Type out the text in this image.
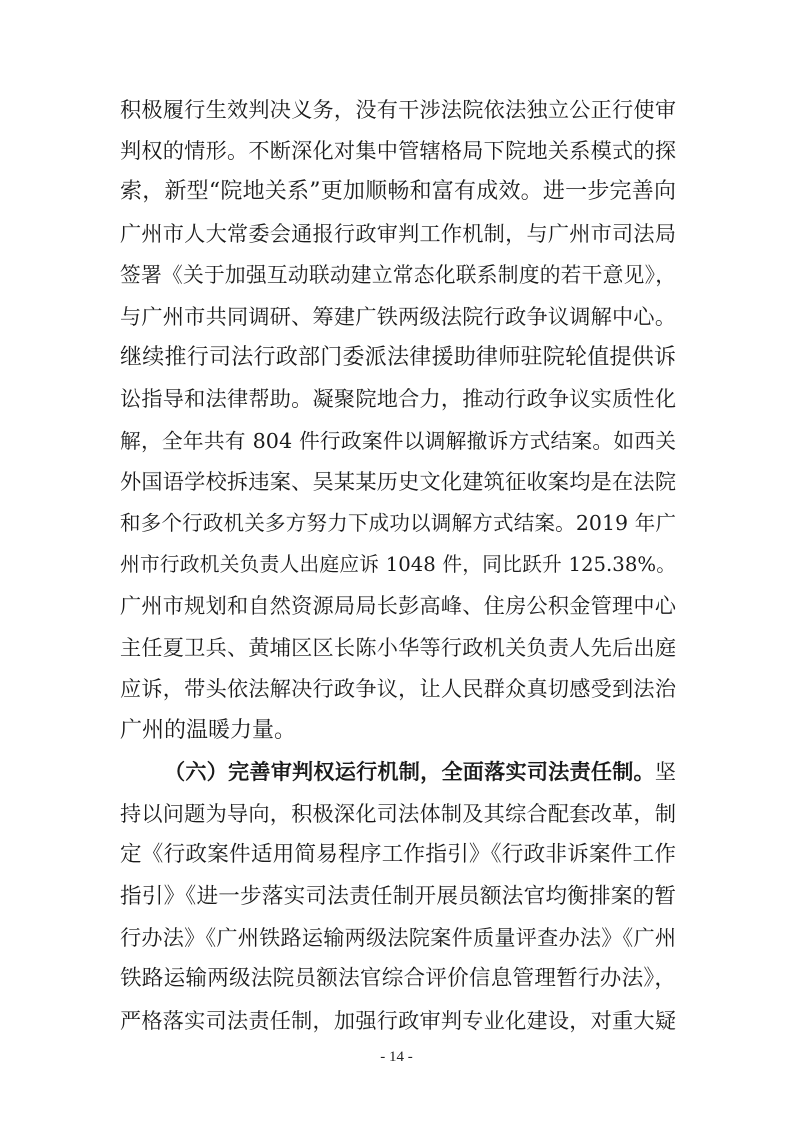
积极履行生效判决义务，没有干涉法院依法独立公正行使审
判权的情形。不断深化对集中管辖格局下院地关系模式的探
索，新型“院地关系”更加顺畅和富有成效。进一步完善向
广州市人大常委会通报行政审判工作机制，与广州市司法局
签署《关于加强互动联动建立常态化联系制度的若干意见》，
与广州市共同调研、筹建广铁两级法院行政争议调解中心。
继续推行司法行政部门委派法律援助律师驻院轮值提供诉
讼指导和法律帮助。凝聚院地合力，推动行政争议实质性化
解，全年共有 804 件行政案件以调解撤诉方式结案。如西关
外国语学校拆违案、吴某某历史文化建筑征收案均是在法院
和多个行政机关多方努力下成功以调解方式结案。2019 年广
州市行政机关负责人出庭应诉 1048 件，同比跃升 125.38%。
广州市规划和自然资源局局长彭高峰、住房公积金管理中心
主任夏卫兵、黄埔区区长陈小华等行政机关负责人先后出庭
应诉，带头依法解决行政争议，让人民群众真切感受到法治
广州的温暖力量。
（六）完善审判权运行机制，全面落实司法责任制。坚
持以问题为导向，积极深化司法体制及其综合配套改革，制
定《行政案件适用简易程序工作指引》《行政非诉案件工作
指引》《进一步落实司法责任制开展员额法官均衡排案的暂
行办法》《广州铁路运输两级法院案件质量评查办法》《广州
铁路运输两级法院员额法官综合评价信息管理暂行办法》，
严格落实司法责任制，加强行政审判专业化建设，对重大疑
- 14 -
